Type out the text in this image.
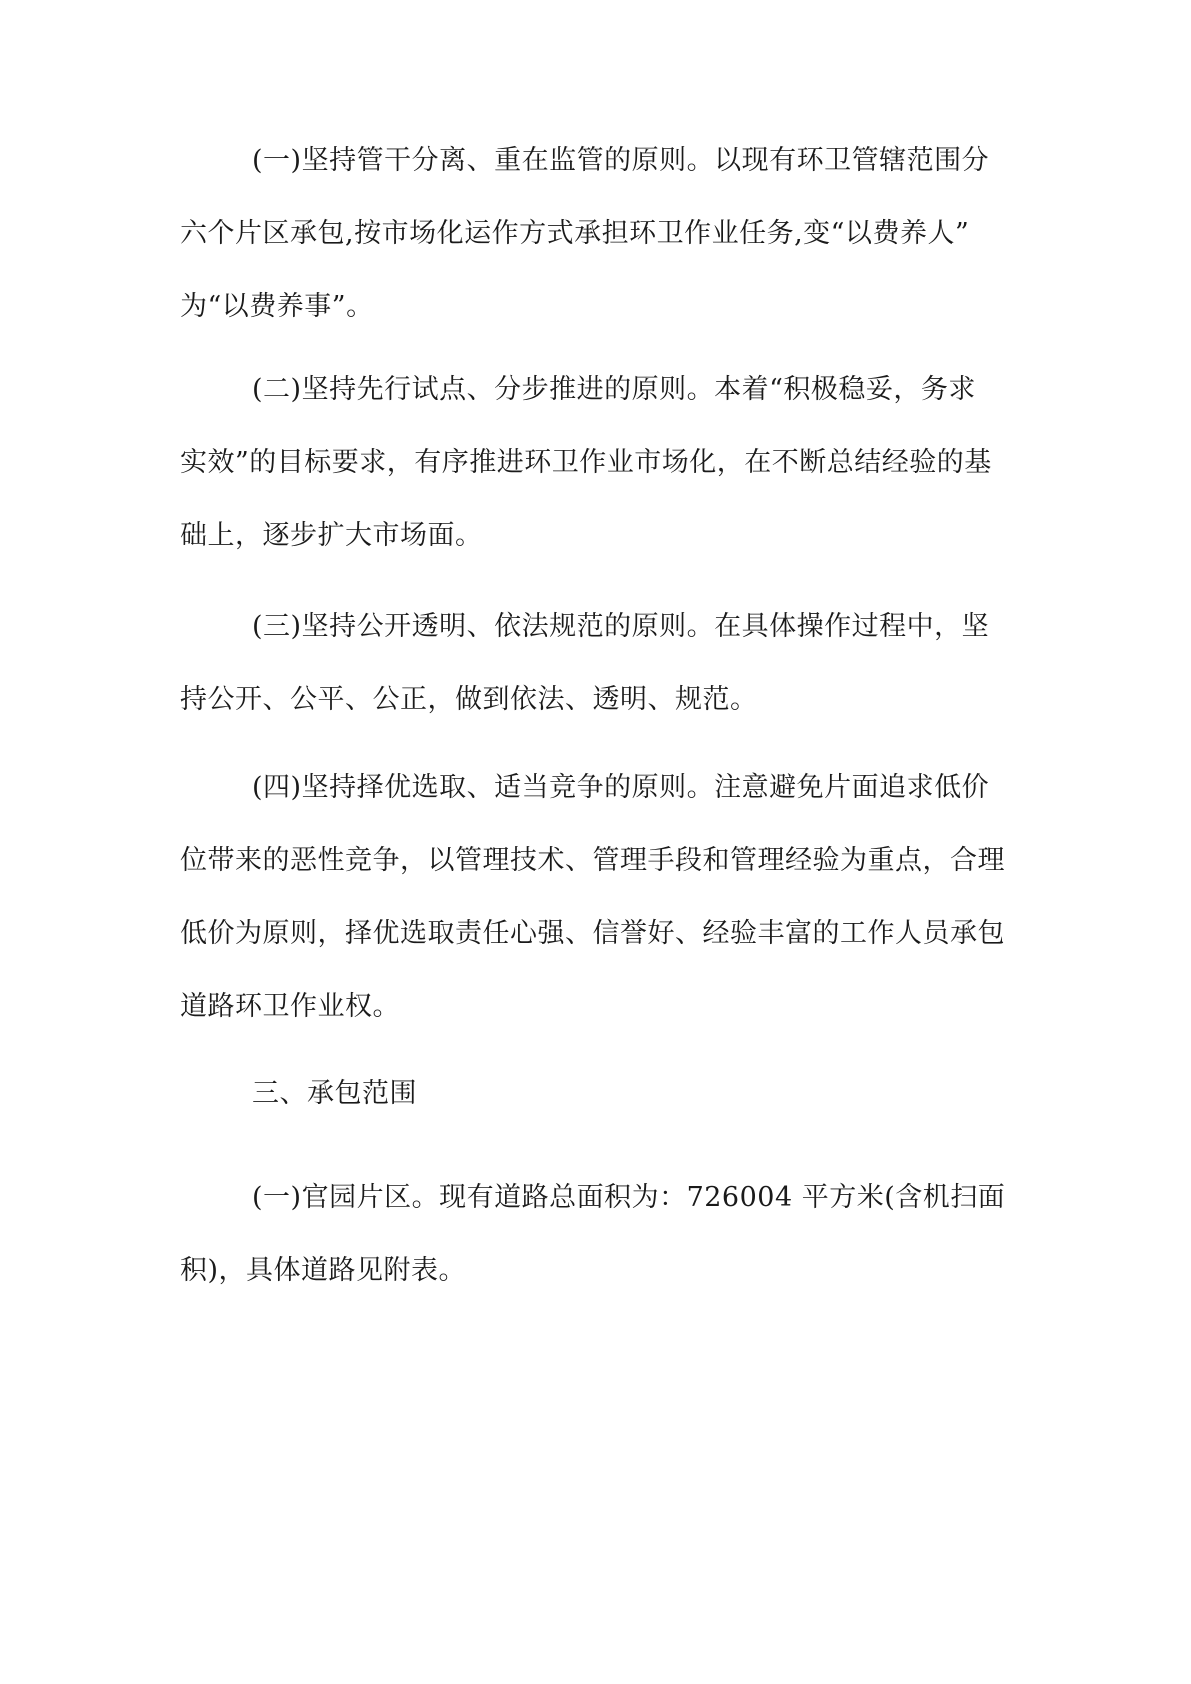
(一)坚持管干分离、重在监管的原则。以现有环卫管辖范围分
六个片区承包,按市场化运作方式承担环卫作业任务,变“以费养人”
为“以费养事”。

(二)坚持先行试点、分步推进的原则。本着“积极稳妥，务求
实效”的目标要求，有序推进环卫作业市场化，在不断总结经验的基
础上，逐步扩大市场面。

(三)坚持公开透明、依法规范的原则。在具体操作过程中，坚
持公开、公平、公正，做到依法、透明、规范。

(四)坚持择优选取、适当竞争的原则。注意避免片面追求低价
位带来的恶性竞争，以管理技术、管理手段和管理经验为重点，合理
低价为原则，择优选取责任心强、信誉好、经验丰富的工作人员承包
道路环卫作业权。

三、承包范围

(一)官园片区。现有道路总面积为：726004 平方米(含机扫面
积)，具体道路见附表。
